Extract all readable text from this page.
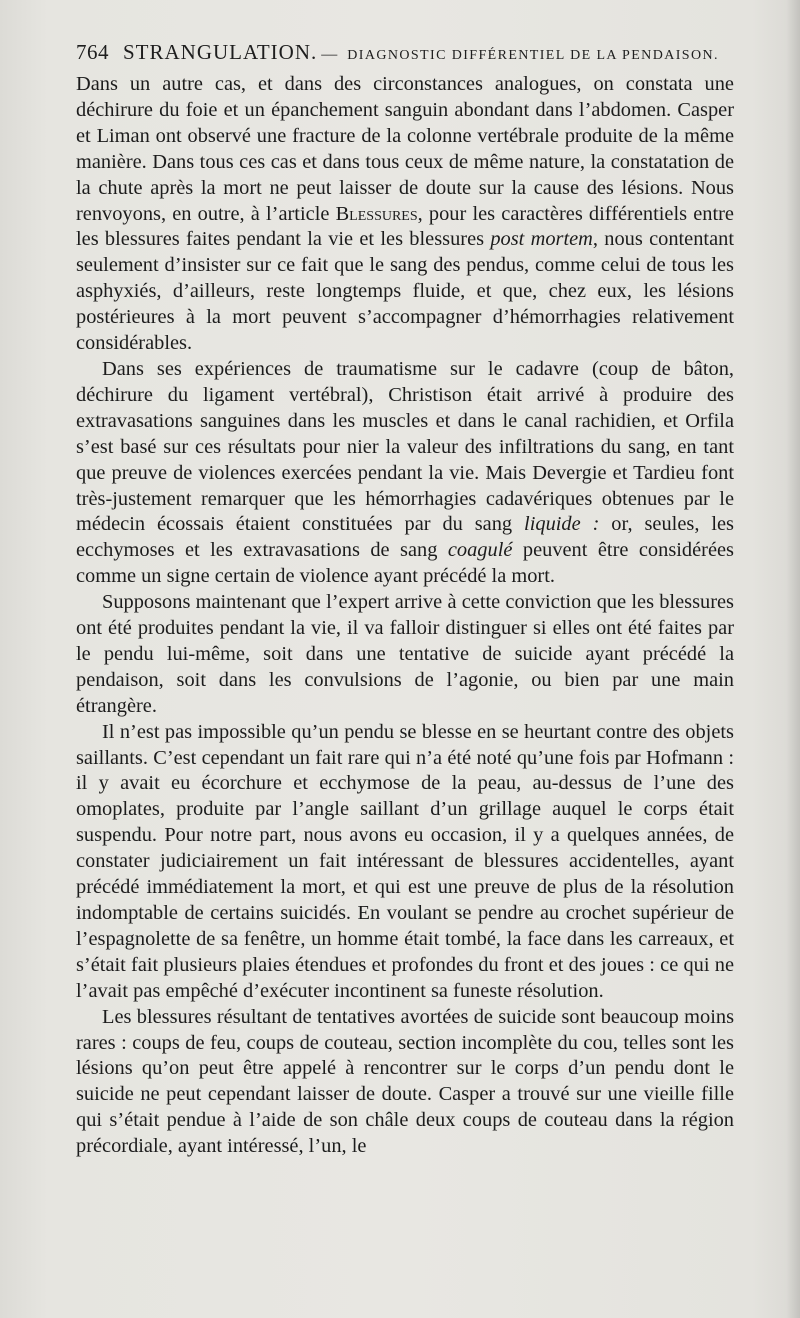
764 STRANGULATION. — DIAGNOSTIC DIFFÉRENTIEL DE LA PENDAISON.

Dans un autre cas, et dans des circonstances analogues, on constata une déchirure du foie et un épanchement sanguin abondant dans l’abdomen. Casper et Liman ont observé une fracture de la colonne vertébrale produite de la même manière. Dans tous ces cas et dans tous ceux de même nature, la constatation de la chute après la mort ne peut laisser de doute sur la cause des lésions. Nous renvoyons, en outre, à l’article Blessures, pour les caractères différentiels entre les blessures faites pendant la vie et les blessures post mortem, nous contentant seulement d’insister sur ce fait que le sang des pendus, comme celui de tous les asphyxiés, d’ailleurs, reste longtemps fluide, et que, chez eux, les lésions postérieures à la mort peuvent s’accompagner d’hémorrhagies relativement considérables.

Dans ses expériences de traumatisme sur le cadavre (coup de bâton, déchirure du ligament vertébral), Christison était arrivé à produire des extravasations sanguines dans les muscles et dans le canal rachidien, et Orfila s’est basé sur ces résultats pour nier la valeur des infiltrations du sang, en tant que preuve de violences exercées pendant la vie. Mais Devergie et Tardieu font très-justement remarquer que les hémorrhagies cadavériques obtenues par le médecin écossais étaient constituées par du sang liquide : or, seules, les ecchymoses et les extravasations de sang coagulé peuvent être considérées comme un signe certain de violence ayant précédé la mort.

Supposons maintenant que l’expert arrive à cette conviction que les blessures ont été produites pendant la vie, il va falloir distinguer si elles ont été faites par le pendu lui-même, soit dans une tentative de suicide ayant précédé la pendaison, soit dans les convulsions de l’agonie, ou bien par une main étrangère.

Il n’est pas impossible qu’un pendu se blesse en se heurtant contre des objets saillants. C’est cependant un fait rare qui n’a été noté qu’une fois par Hofmann : il y avait eu écorchure et ecchymose de la peau, au-dessus de l’une des omoplates, produite par l’angle saillant d’un grillage auquel le corps était suspendu. Pour notre part, nous avons eu occasion, il y a quelques années, de constater judiciairement un fait intéressant de blessures accidentelles, ayant précédé immédiatement la mort, et qui est une preuve de plus de la résolution indomptable de certains suicidés. En voulant se pendre au crochet supérieur de l’espagnolette de sa fenêtre, un homme était tombé, la face dans les carreaux, et s’était fait plusieurs plaies étendues et profondes du front et des joues : ce qui ne l’avait pas empêché d’exécuter incontinent sa funeste résolution.

Les blessures résultant de tentatives avortées de suicide sont beaucoup moins rares : coups de feu, coups de couteau, section incomplète du cou, telles sont les lésions qu’on peut être appelé à rencontrer sur le corps d’un pendu dont le suicide ne peut cependant laisser de doute. Casper a trouvé sur une vieille fille qui s’était pendue à l’aide de son châle deux coups de couteau dans la région précordiale, ayant intéressé, l’un, le
